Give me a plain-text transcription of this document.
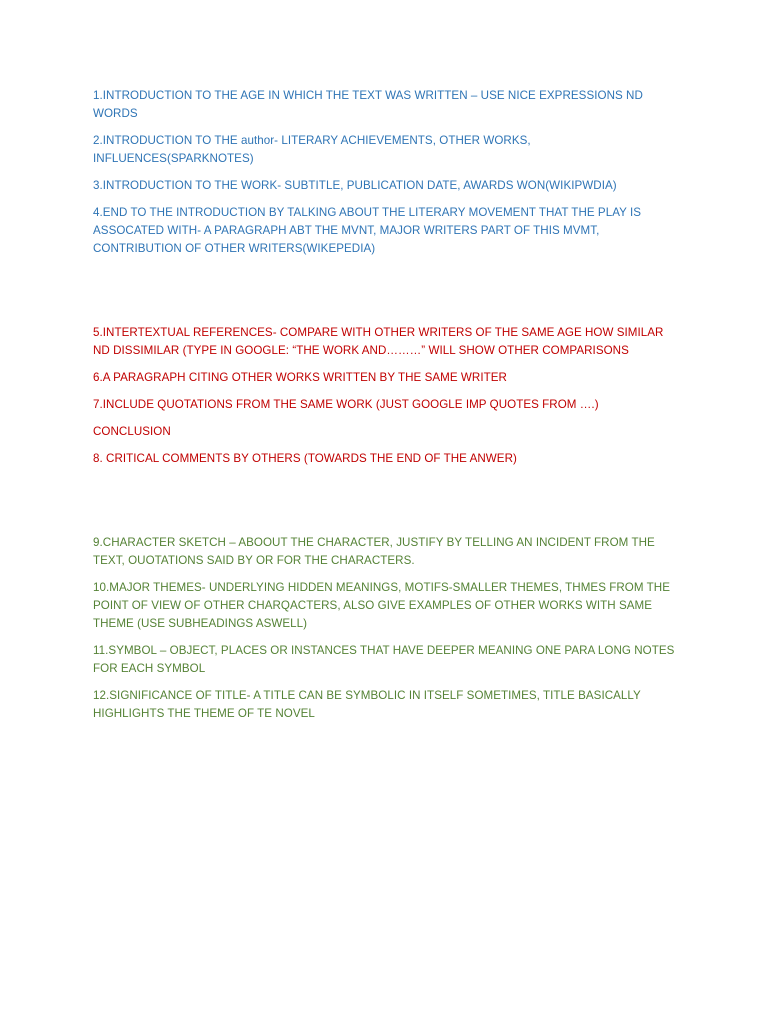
1.INTRODUCTION TO THE AGE IN WHICH THE TEXT WAS WRITTEN – USE NICE EXPRESSIONS ND WORDS

2.INTRODUCTION TO THE author- LITERARY ACHIEVEMENTS, OTHER WORKS, INFLUENCES(SPARKNOTES)

3.INTRODUCTION TO THE WORK- SUBTITLE, PUBLICATION DATE, AWARDS WON(WIKIPWDIA)

4.END TO THE INTRODUCTION BY TALKING ABOUT THE LITERARY MOVEMENT THAT THE PLAY IS ASSOCATED WITH- A PARAGRAPH ABT THE MVNT, MAJOR WRITERS PART OF THIS MVMT, CONTRIBUTION OF OTHER WRITERS(WIKEPEDIA)

5.INTERTEXTUAL REFERENCES- COMPARE WITH OTHER WRITERS OF THE SAME AGE HOW SIMILAR ND DISSIMILAR (TYPE IN GOOGLE: “THE WORK AND………” WILL SHOW OTHER COMPARISONS

6.A PARAGRAPH CITING OTHER WORKS WRITTEN BY THE SAME WRITER

7.INCLUDE QUOTATIONS FROM THE SAME WORK (JUST GOOGLE IMP QUOTES FROM ….)

CONCLUSION

8. CRITICAL COMMENTS BY OTHERS (TOWARDS THE END OF THE ANWER)

9.CHARACTER SKETCH – ABOOUT THE CHARACTER, JUSTIFY BY TELLING AN INCIDENT FROM THE TEXT, OUOTATIONS SAID BY OR FOR THE CHARACTERS.

10.MAJOR THEMES- UNDERLYING HIDDEN MEANINGS, MOTIFS-SMALLER THEMES, THMES FROM THE POINT OF VIEW OF OTHER CHARQACTERS, ALSO GIVE EXAMPLES OF OTHER WORKS WITH SAME THEME (USE SUBHEADINGS ASWELL)

11.SYMBOL – OBJECT, PLACES OR INSTANCES THAT HAVE DEEPER MEANING ONE PARA LONG NOTES FOR EACH SYMBOL

12.SIGNIFICANCE OF TITLE- A TITLE CAN BE SYMBOLIC IN ITSELF SOMETIMES, TITLE BASICALLY HIGHLIGHTS THE THEME OF TE NOVEL
